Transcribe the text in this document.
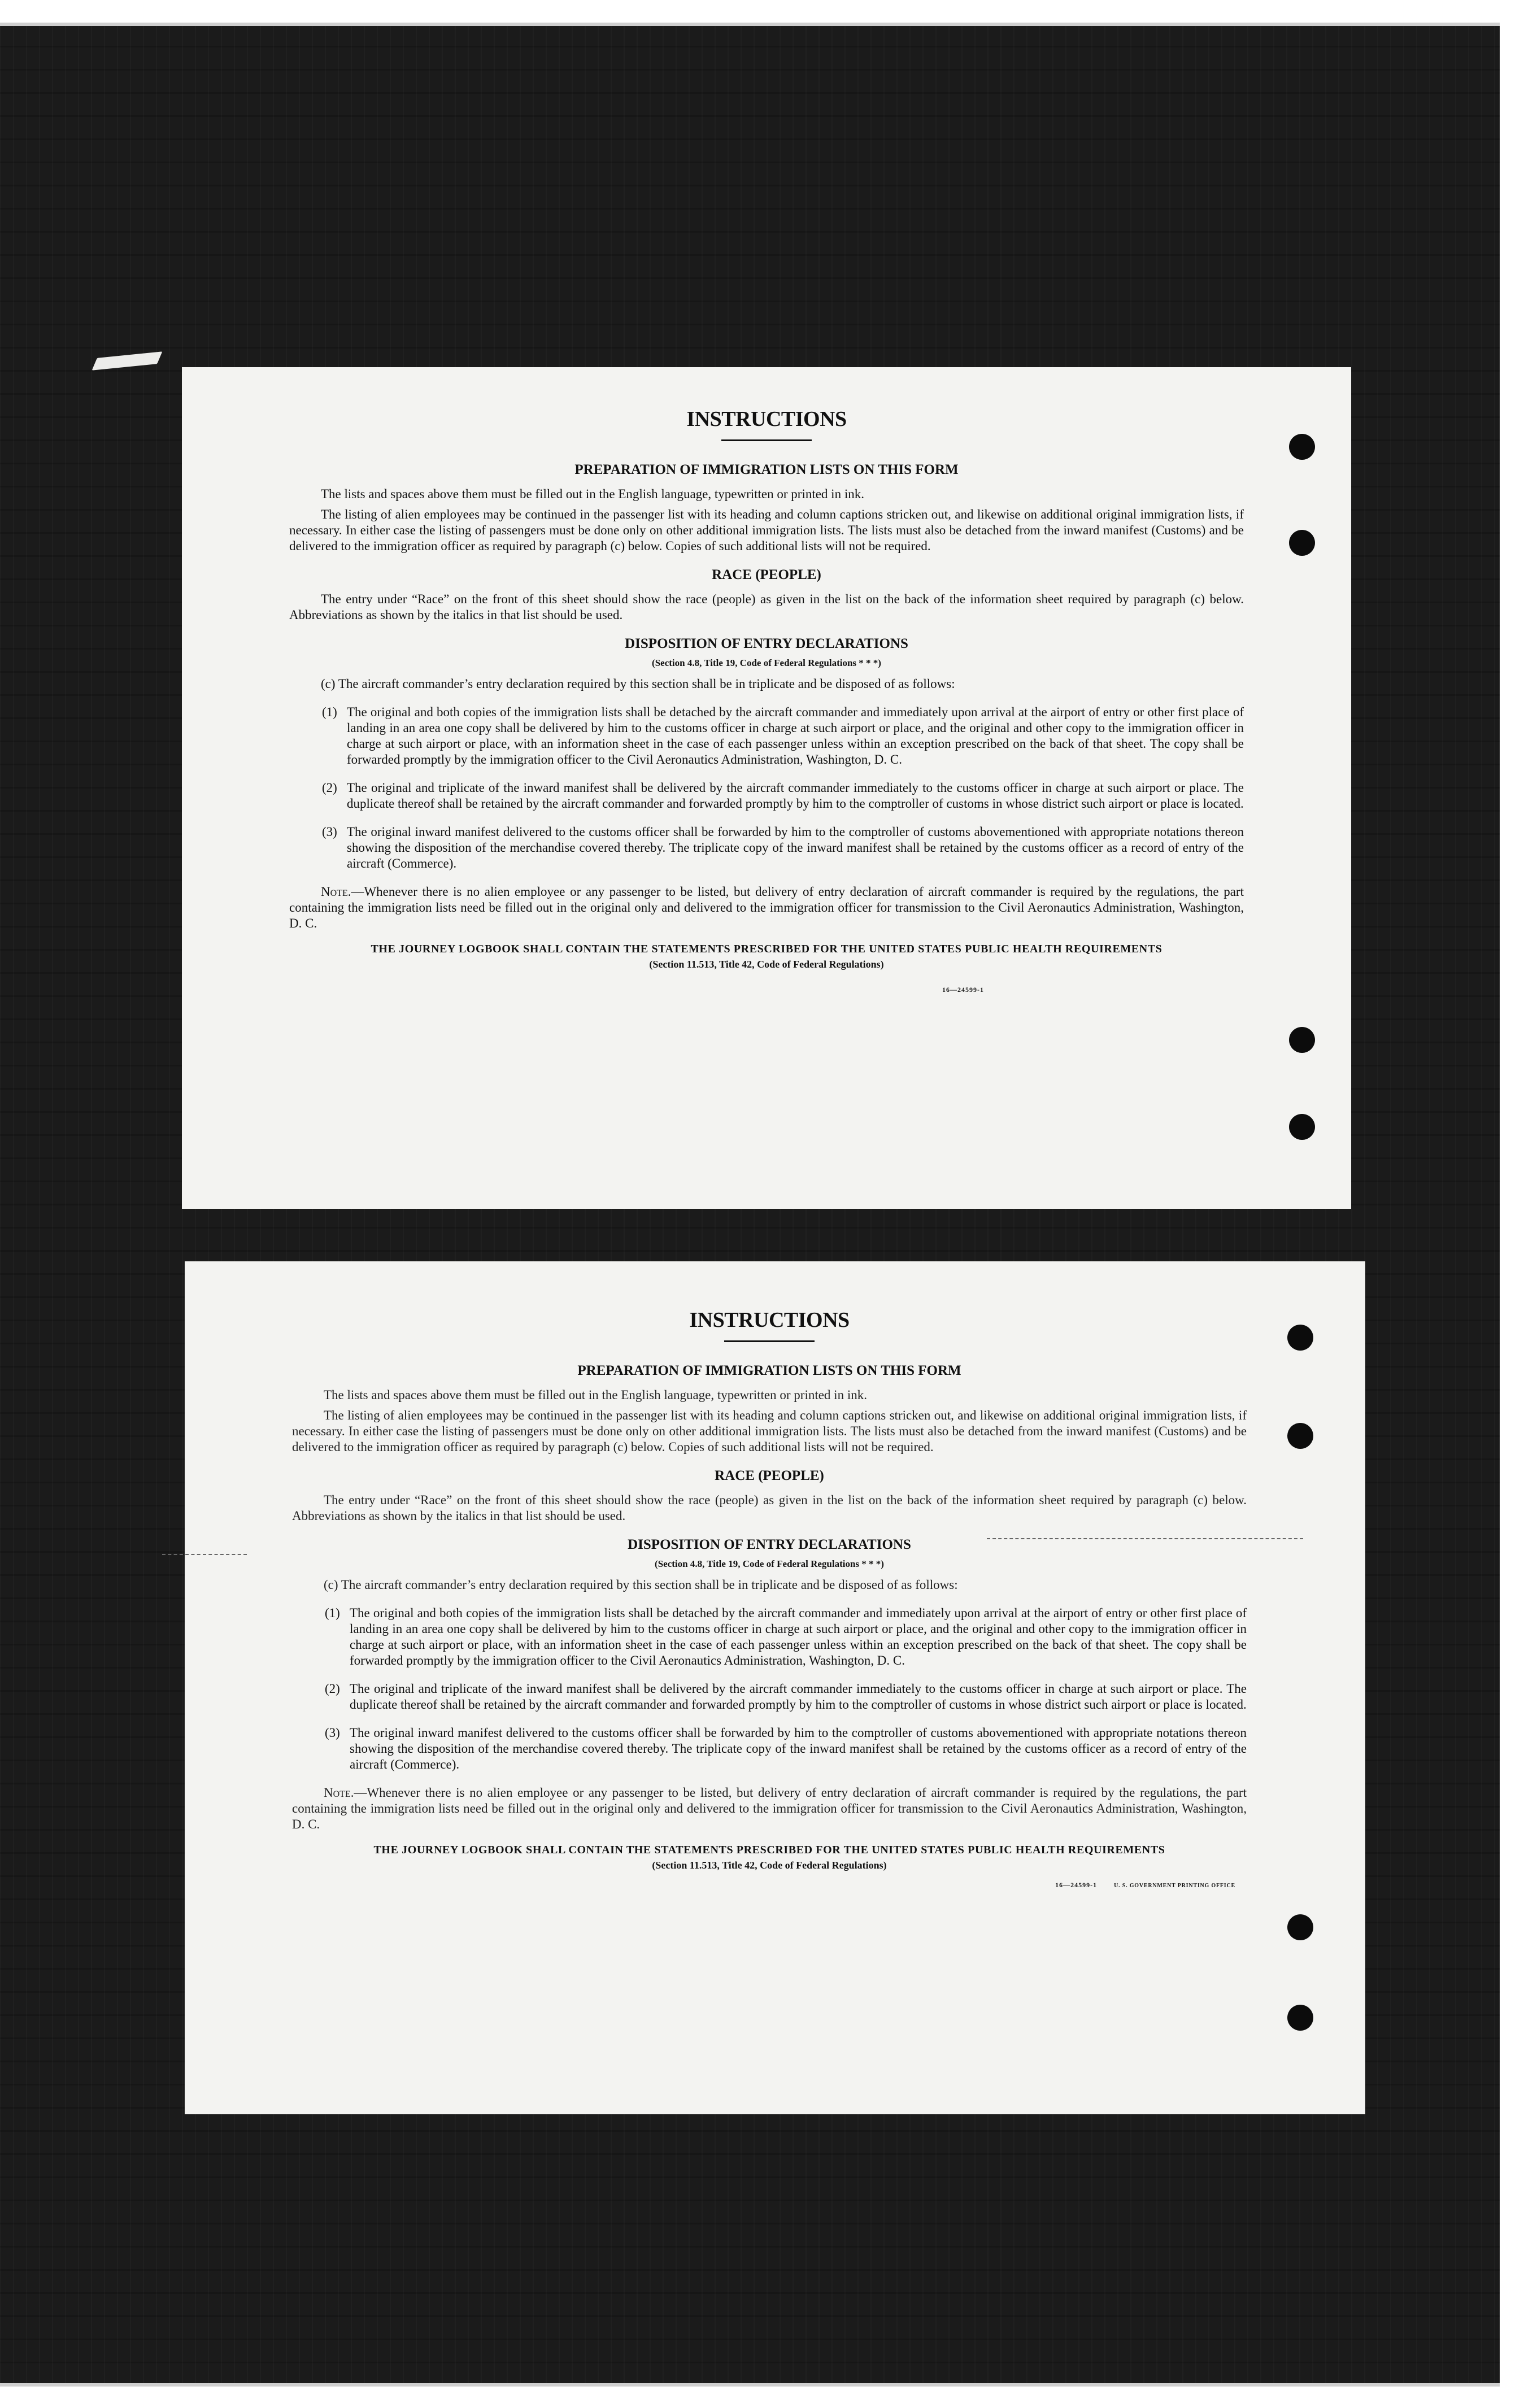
INSTRUCTIONS
PREPARATION OF IMMIGRATION LISTS ON THIS FORM

The lists and spaces above them must be filled out in the English language, typewritten or printed in ink.

The listing of alien employees may be continued in the passenger list with its heading and column captions stricken out, and likewise on additional original immigration lists, if necessary. In either case the listing of passengers must be done only on other additional immigration lists. The lists must also be detached from the inward manifest (Customs) and be delivered to the immigration officer as required by paragraph (c) below. Copies of such additional lists will not be required.

RACE (PEOPLE)

The entry under “Race” on the front of this sheet should show the race (people) as given in the list on the back of the information sheet required by paragraph (c) below. Abbreviations as shown by the italics in that list should be used.

DISPOSITION OF ENTRY DECLARATIONS
(Section 4.8, Title 19, Code of Federal Regulations * * *)

(c) The aircraft commander’s entry declaration required by this section shall be in triplicate and be disposed of as follows:

(1) The original and both copies of the immigration lists shall be detached by the aircraft commander and immediately upon arrival at the airport of entry or other first place of landing in an area one copy shall be delivered by him to the customs officer in charge at such airport or place, and the original and other copy to the immigration officer in charge at such airport or place, with an information sheet in the case of each passenger unless within an exception prescribed on the back of that sheet. The copy shall be forwarded promptly by the immigration officer to the Civil Aeronautics Administration, Washington, D. C.
(2) The original and triplicate of the inward manifest shall be delivered by the aircraft commander immediately to the customs officer in charge at such airport or place. The duplicate thereof shall be retained by the aircraft commander and forwarded promptly by him to the comptroller of customs in whose district such airport or place is located.
(3) The original inward manifest delivered to the customs officer shall be forwarded by him to the comptroller of customs abovementioned with appropriate notations thereon showing the disposition of the merchandise covered thereby. The triplicate copy of the inward manifest shall be retained by the customs officer as a record of entry of the aircraft (Commerce).

Note.—Whenever there is no alien employee or any passenger to be listed, but delivery of entry declaration of aircraft commander is required by the regulations, the part containing the immigration lists need be filled out in the original only and delivered to the immigration officer for transmission to the Civil Aeronautics Administration, Washington, D. C.

THE JOURNEY LOGBOOK SHALL CONTAIN THE STATEMENTS PRESCRIBED FOR THE UNITED STATES PUBLIC HEALTH REQUIREMENTS
(Section 11.513, Title 42, Code of Federal Regulations)
16—24599-1
INSTRUCTIONS
PREPARATION OF IMMIGRATION LISTS ON THIS FORM

The lists and spaces above them must be filled out in the English language, typewritten or printed in ink.

The listing of alien employees may be continued in the passenger list with its heading and column captions stricken out, and likewise on additional original immigration lists, if necessary. In either case the listing of passengers must be done only on other additional immigration lists. The lists must also be detached from the inward manifest (Customs) and be delivered to the immigration officer as required by paragraph (c) below. Copies of such additional lists will not be required.

RACE (PEOPLE)

The entry under “Race” on the front of this sheet should show the race (people) as given in the list on the back of the information sheet required by paragraph (c) below. Abbreviations as shown by the italics in that list should be used.

DISPOSITION OF ENTRY DECLARATIONS
(Section 4.8, Title 19, Code of Federal Regulations * * *)

(c) The aircraft commander’s entry declaration required by this section shall be in triplicate and be disposed of as follows:

(1) The original and both copies of the immigration lists shall be detached by the aircraft commander and immediately upon arrival at the airport of entry or other first place of landing in an area one copy shall be delivered by him to the customs officer in charge at such airport or place, and the original and other copy to the immigration officer in charge at such airport or place, with an information sheet in the case of each passenger unless within an exception prescribed on the back of that sheet. The copy shall be forwarded promptly by the immigration officer to the Civil Aeronautics Administration, Washington, D. C.
(2) The original and triplicate of the inward manifest shall be delivered by the aircraft commander immediately to the customs officer in charge at such airport or place. The duplicate thereof shall be retained by the aircraft commander and forwarded promptly by him to the comptroller of customs in whose district such airport or place is located.
(3) The original inward manifest delivered to the customs officer shall be forwarded by him to the comptroller of customs abovementioned with appropriate notations thereon showing the disposition of the merchandise covered thereby. The triplicate copy of the inward manifest shall be retained by the customs officer as a record of entry of the aircraft (Commerce).

Note.—Whenever there is no alien employee or any passenger to be listed, but delivery of entry declaration of aircraft commander is required by the regulations, the part containing the immigration lists need be filled out in the original only and delivered to the immigration officer for transmission to the Civil Aeronautics Administration, Washington, D. C.

THE JOURNEY LOGBOOK SHALL CONTAIN THE STATEMENTS PRESCRIBED FOR THE UNITED STATES PUBLIC HEALTH REQUIREMENTS
(Section 11.513, Title 42, Code of Federal Regulations)
16—24599-1	U. S. GOVERNMENT PRINTING OFFICE
